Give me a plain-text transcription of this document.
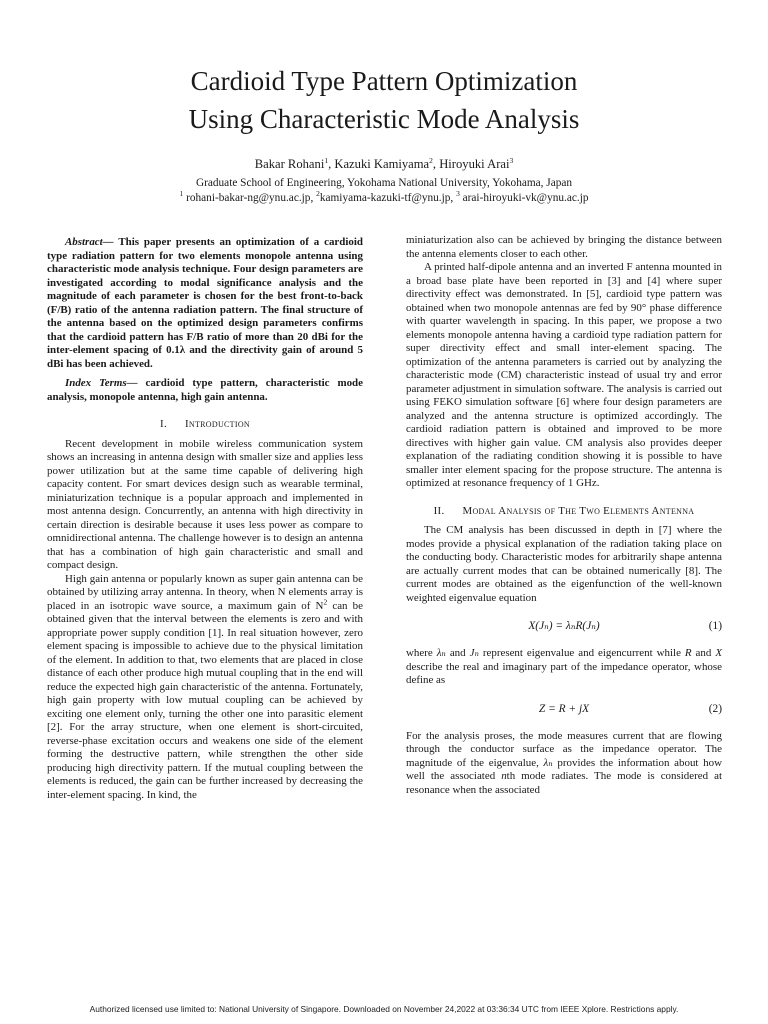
Cardioid Type Pattern Optimization
Using Characteristic Mode Analysis
Bakar Rohani$^1$, Kazuki Kamiyama$^2$, Hiroyuki Arai$^3$
Graduate School of Engineering, Yokohama National University, Yokohama, Japan
$^1$ rohani-bakar-ng@ynu.ac.jp, $^2$kamiyama-kazuki-tf@ynu.jp, $^3$ arai-hiroyuki-vk@ynu.ac.jp

Abstract— This paper presents an optimization of a cardioid type radiation pattern for two elements monopole antenna using characteristic mode analysis technique. Four design parameters are investigated according to modal significance analysis and the magnitude of each parameter is chosen for the best front-to-back (F/B) ratio of the antenna radiation pattern. The final structure of the antenna based on the optimized design parameters confirms that the cardioid pattern has F/B ratio of more than 20 dBi for the inter-element spacing of 0.1λ and the directivity gain of around 5 dBi has been achieved.

Index Terms— cardioid type pattern, characteristic mode analysis, monopole antenna, high gain antenna.

I. Introduction

Recent development in mobile wireless communication system shows an increasing in antenna design with smaller size and applies less power utilization but at the same time capable of delivering high capacity content. For smart devices design such as wearable terminal, miniaturization technique is a popular approach and implemented in most antenna design. Concurrently, an antenna with high directivity in certain direction is desirable because it uses less power as compare to omnidirectional antenna. The challenge however is to design an antenna that has a combination of high gain characteristic and small and compact design.

High gain antenna or popularly known as super gain antenna can be obtained by utilizing array antenna. In theory, when N elements array is placed in an isotropic wave source, a maximum gain of $N^2$ can be obtained given that the interval between the elements is zero and with appropriate power supply condition [1]. In real situation however, zero element spacing is impossible to achieve due to the physical limitation of the element. In addition to that, two elements that are placed in close distance of each other produce high mutual coupling that in the end will reduce the expected high gain characteristic of the antenna. Fortunately, high gain property with low mutual coupling can be achieved by exciting one element only, turning the other one into parasitic element [2]. For the array structure, when one element is short-circuited, reverse-phase excitation occurs and weakens one side of the element forming the destructive pattern, while strengthen the other side producing high directivity pattern. If the mutual coupling between the elements is reduced, the gain can be further increased by decreasing the inter-element spacing. In kind, the

miniaturization also can be achieved by bringing the distance between the antenna elements closer to each other.

A printed half-dipole antenna and an inverted F antenna mounted in a broad base plate have been reported in [3] and [4] where super directivity effect was demonstrated. In [5], cardioid type pattern was obtained when two monopole antennas are fed by 90° phase difference with quarter wavelength in spacing. In this paper, we propose a two elements monopole antenna having a cardioid type radiation pattern for super directivity effect and small inter-element spacing. The optimization of the antenna parameters is carried out by analyzing the characteristic mode (CM) characteristic instead of usual try and error parameter adjustment in simulation software. The analysis is carried out using FEKO simulation software [6] where four design parameters are analyzed and the antenna structure is optimized accordingly. The cardioid radiation pattern is obtained and improved to be more directives with higher gain value. CM analysis also provides deeper explanation of the radiating condition showing it is possible to have smaller inter element spacing for the propose structure. The antenna is optimized at resonance frequency of 1 GHz.

II. Modal Analysis of The Two Elements Antenna

The CM analysis has been discussed in depth in [7] where the modes provide a physical explanation of the radiation taking place on the conducting body. Characteristic modes for arbitrarily shape antenna are actually current modes that can be obtained numerically [8]. The current modes are obtained as the eigenfunction of the well-known weighted eigenvalue equation

X(Jₙ) = λₙR(Jₙ)	(1)

where λₙ and Jₙ represent eigenvalue and eigencurrent while R and X describe the real and imaginary part of the impedance operator, whose define as

Z = R + jX	(2)

For the analysis proses, the mode measures current that are flowing through the conductor surface as the impedance operator. The magnitude of the eigenvalue, λₙ provides the information about how well the associated nth mode radiates. The mode is considered at resonance when the associated

Authorized licensed use limited to: National University of Singapore. Downloaded on November 24,2022 at 03:36:34 UTC from IEEE Xplore. Restrictions apply.
